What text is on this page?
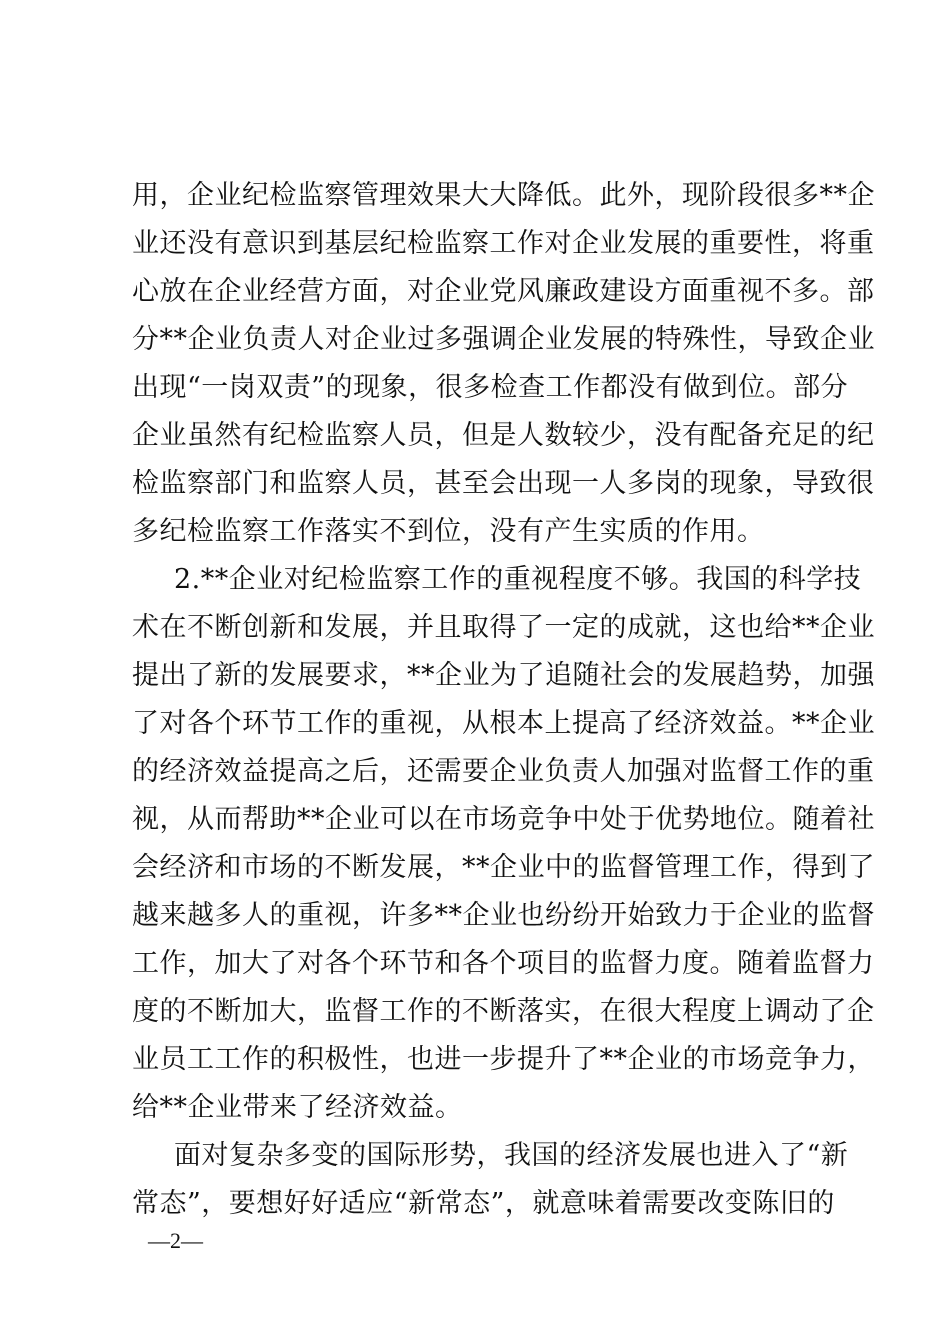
用，企业纪检监察管理效果大大降低。此外，现阶段很多**企
业还没有意识到基层纪检监察工作对企业发展的重要性，将重
心放在企业经营方面，对企业党风廉政建设方面重视不多。部
分**企业负责人对企业过多强调企业发展的特殊性，导致企业
出现“一岗双责”的现象，很多检查工作都没有做到位。部分
企业虽然有纪检监察人员，但是人数较少，没有配备充足的纪
检监察部门和监察人员，甚至会出现一人多岗的现象，导致很
多纪检监察工作落实不到位，没有产生实质的作用。
2.**企业对纪检监察工作的重视程度不够。我国的科学技
术在不断创新和发展，并且取得了一定的成就，这也给**企业
提出了新的发展要求，**企业为了追随社会的发展趋势，加强
了对各个环节工作的重视，从根本上提高了经济效益。**企业
的经济效益提高之后，还需要企业负责人加强对监督工作的重
视，从而帮助**企业可以在市场竞争中处于优势地位。随着社
会经济和市场的不断发展，**企业中的监督管理工作，得到了
越来越多人的重视，许多**企业也纷纷开始致力于企业的监督
工作，加大了对各个环节和各个项目的监督力度。随着监督力
度的不断加大，监督工作的不断落实，在很大程度上调动了企
业员工工作的积极性，也进一步提升了**企业的市场竞争力，
给**企业带来了经济效益。
面对复杂多变的国际形势，我国的经济发展也进入了“新
常态”，要想好好适应“新常态”，就意味着需要改变陈旧的
—2—
